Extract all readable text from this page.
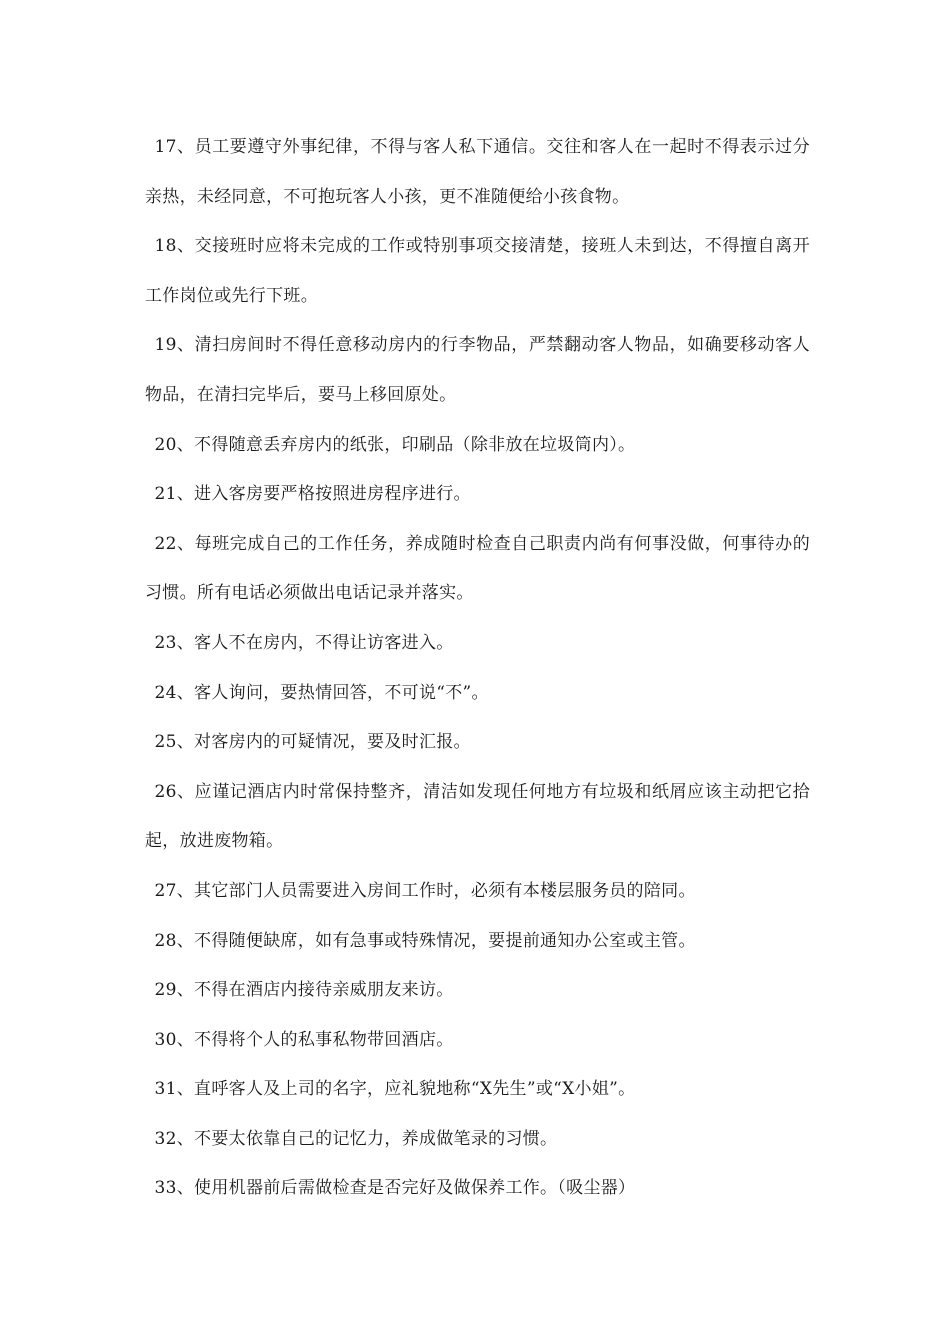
17、员工要遵守外事纪律，不得与客人私下通信。交往和客人在一起时不得表示过分亲热，未经同意，不可抱玩客人小孩，更不准随便给小孩食物。

18、交接班时应将未完成的工作或特别事项交接清楚，接班人未到达，不得擅自离开工作岗位或先行下班。

19、清扫房间时不得任意移动房内的行李物品，严禁翻动客人物品，如确要移动客人物品，在清扫完毕后，要马上移回原处。

20、不得随意丢弃房内的纸张，印刷品（除非放在垃圾筒内）。

21、进入客房要严格按照进房程序进行。

22、每班完成自己的工作任务，养成随时检查自己职责内尚有何事没做，何事待办的习惯。所有电话必须做出电话记录并落实。

23、客人不在房内，不得让访客进入。

24、客人询问，要热情回答，不可说“不”。

25、对客房内的可疑情况，要及时汇报。

26、应谨记酒店内时常保持整齐，清洁如发现任何地方有垃圾和纸屑应该主动把它拾起，放进废物箱。

27、其它部门人员需要进入房间工作时，必须有本楼层服务员的陪同。

28、不得随便缺席，如有急事或特殊情况，要提前通知办公室或主管。

29、不得在酒店内接待亲威朋友来访。

30、不得将个人的私事私物带回酒店。

31、直呼客人及上司的名字，应礼貌地称“X先生”或“X小姐”。

32、不要太依靠自己的记忆力，养成做笔录的习惯。

33、使用机器前后需做检查是否完好及做保养工作。（吸尘器）
